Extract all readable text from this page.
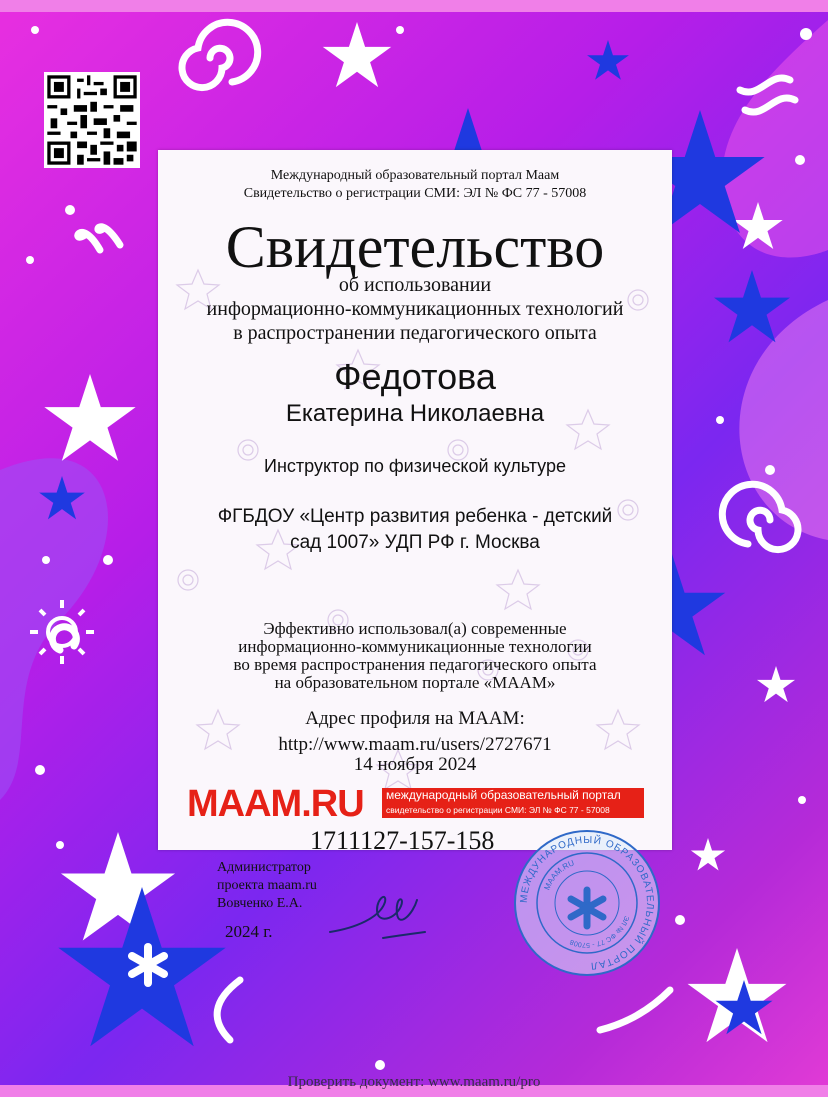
Международный образовательный портал Маам
Свидетельство о регистрации СМИ: ЭЛ № ФС 77 - 57008
Свидетельство
об использовании
информационно-коммуникационных технологий
в распространении педагогического опыта
Федотова
Екатерина Николаевна
Инструктор по физической культуре
ФГБДОУ «Центр развития ребенка - детский
сад 1007» УДП РФ г. Москва
Эффективно использовал(а) современные
информационно-коммуникационные технологии
во время распространения педагогического опыта
на образовательном портале «МААМ»
Адрес профиля на МААМ:
http://www.maam.ru/users/2727671
14 ноября 2024
MAAM.RU международный образовательный портал
свидетельство о регистрации СМИ: ЭЛ № ФС 77 - 57008
1711127-157-158
Администратор
проекта maam.ru
Вовченко Е.А.
2024 г.
МЕЖДУНАРОДНЫЙ ОБРАЗОВАТЕЛЬНЫЙ ПОРТАЛ
MAAM.RU
ЭЛ № ФС 77 - 57008
Проверить документ: www.maam.ru/pro
